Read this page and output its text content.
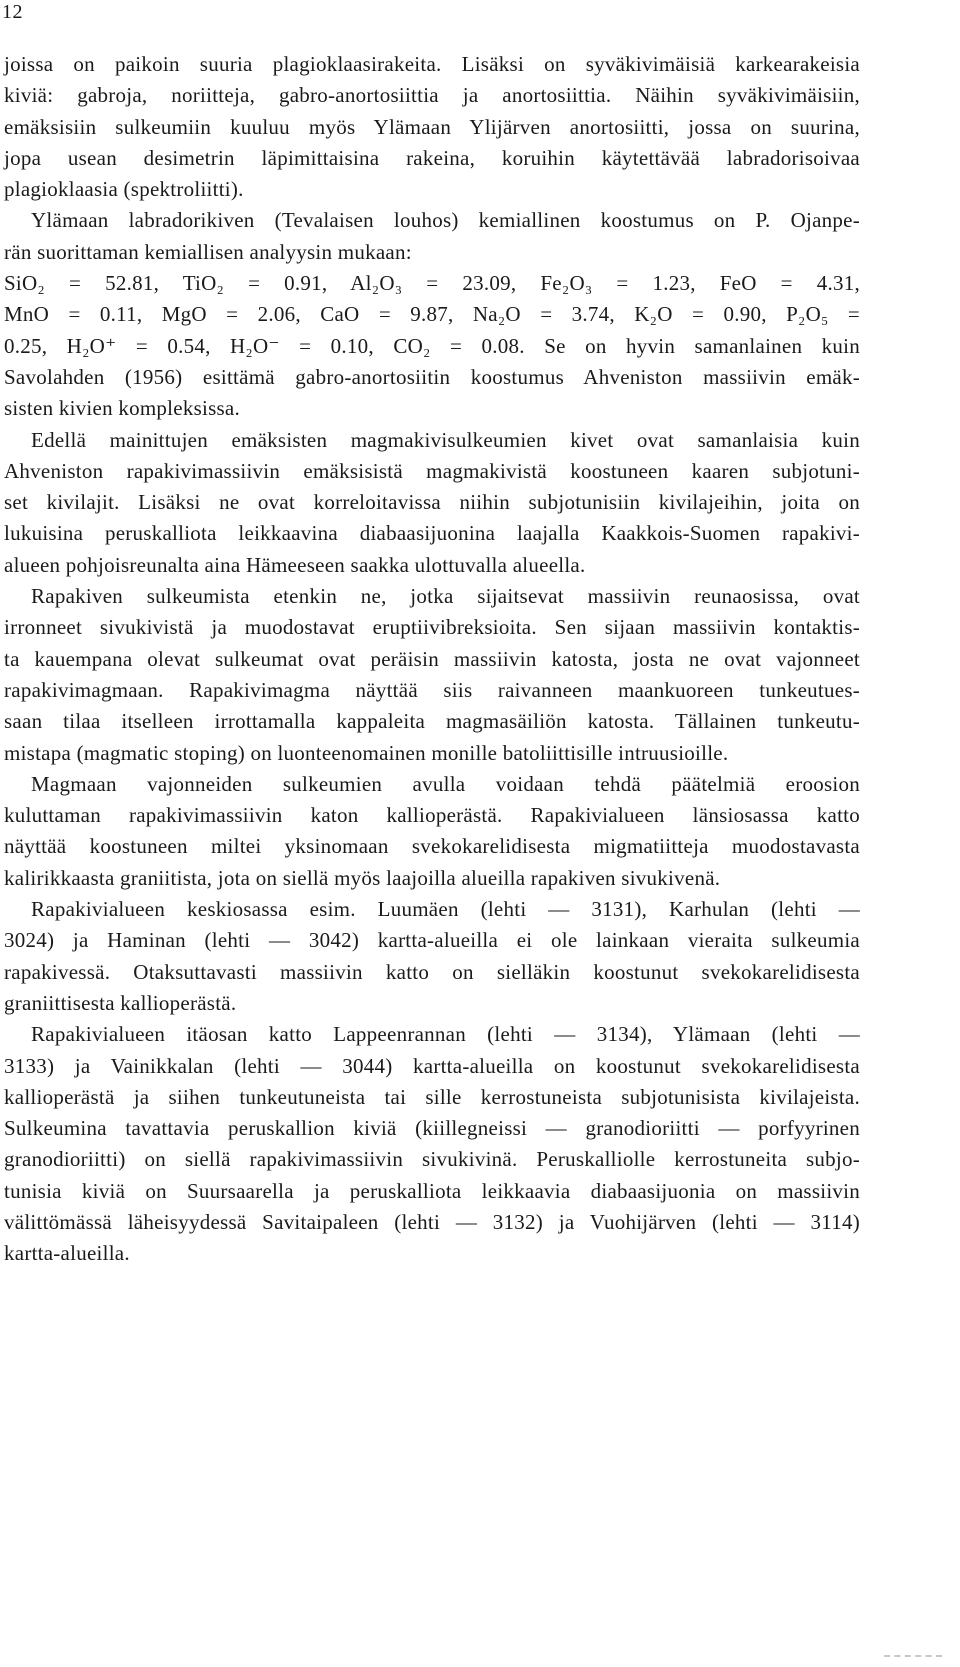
12
joissa on paikoin suuria plagioklaasirakeita. Lisäksi on syväkivimäisiä karkearakeisia
kiviä: gabroja, noriitteja, gabro-anortosiittia ja anortosiittia. Näihin syväkivimäisiin,
emäksisiin sulkeumiin kuuluu myös Ylämaan Ylijärven anortosiitti, jossa on suurina,
jopa usean desimetrin läpimittaisina rakeina, koruihin käytettävää labradorisoivaa
plagioklaasia (spektroliitti).
Ylämaan labradorikiven (Tevalaisen louhos) kemiallinen koostumus on P. Ojanpe-
rän suorittaman kemiallisen analyysin mukaan:
SiO₂ = 52.81, TiO₂ = 0.91, Al₂O₃ = 23.09, Fe₂O₃ = 1.23, FeO = 4.31,
MnO = 0.11, MgO = 2.06, CaO = 9.87, Na₂O = 3.74, K₂O = 0.90, P₂O₅ =
0.25, H₂O⁺ = 0.54, H₂O⁻ = 0.10, CO₂ = 0.08. Se on hyvin samanlainen kuin
Savolahden (1956) esittämä gabro-anortosiitin koostumus Ahveniston massiivin emäk-
sisten kivien kompleksissa.
Edellä mainittujen emäksisten magmakivisulkeumien kivet ovat samanlaisia kuin
Ahveniston rapakivimassiivin emäksisistä magmakivistä koostuneen kaaren subjotuni-
set kivilajit. Lisäksi ne ovat korreloitavissa niihin subjotunisiin kivilajeihin, joita on
lukuisina peruskalliota leikkaavina diabaasijuonina laajalla Kaakkois-Suomen rapakivi-
alueen pohjoisreunalta aina Hämeeseen saakka ulottuvalla alueella.
Rapakiven sulkeumista etenkin ne, jotka sijaitsevat massiivin reunaosissa, ovat
irronneet sivukivistä ja muodostavat eruptiivibreksioita. Sen sijaan massiivin kontaktis-
ta kauempana olevat sulkeumat ovat peräisin massiivin katosta, josta ne ovat vajonneet
rapakivimagmaan. Rapakivimagma näyttää siis raivanneen maankuoreen tunkeutues-
saan tilaa itselleen irrottamalla kappaleita magmasäiliön katosta. Tällainen tunkeutu-
mistapa (magmatic stoping) on luonteenomainen monille batoliittisille intruusioille.
Magmaan vajonneiden sulkeumien avulla voidaan tehdä päätelmiä eroosion
kuluttaman rapakivimassiivin katon kallioperästä. Rapakivialueen länsiosassa katto
näyttää koostuneen miltei yksinomaan svekokarelidisesta migmatiitteja muodostavasta
kalirikkaasta graniitista, jota on siellä myös laajoilla alueilla rapakiven sivukivenä.
Rapakivialueen keskiosassa esim. Luumäen (lehti — 3131), Karhulan (lehti —
3024) ja Haminan (lehti — 3042) kartta-alueilla ei ole lainkaan vieraita sulkeumia
rapakivessä. Otaksuttavasti massiivin katto on sielläkin koostunut svekokarelidisesta
graniittisesta kallioperästä.
Rapakivialueen itäosan katto Lappeenrannan (lehti — 3134), Ylämaan (lehti —
3133) ja Vainikkalan (lehti — 3044) kartta-alueilla on koostunut svekokarelidisesta
kallioperästä ja siihen tunkeutuneista tai sille kerrostuneista subjotunisista kivilajeista.
Sulkeumina tavattavia peruskallion kiviä (kiillegneissi — granodioriitti — porfyyrinen
granodioriitti) on siellä rapakivimassiivin sivukivinä. Peruskalliolle kerrostuneita subjo-
tunisia kiviä on Suursaarella ja peruskalliota leikkaavia diabaasijuonia on massiivin
välittömässä läheisyydessä Savitaipaleen (lehti — 3132) ja Vuohijärven (lehti — 3114)
kartta-alueilla.
